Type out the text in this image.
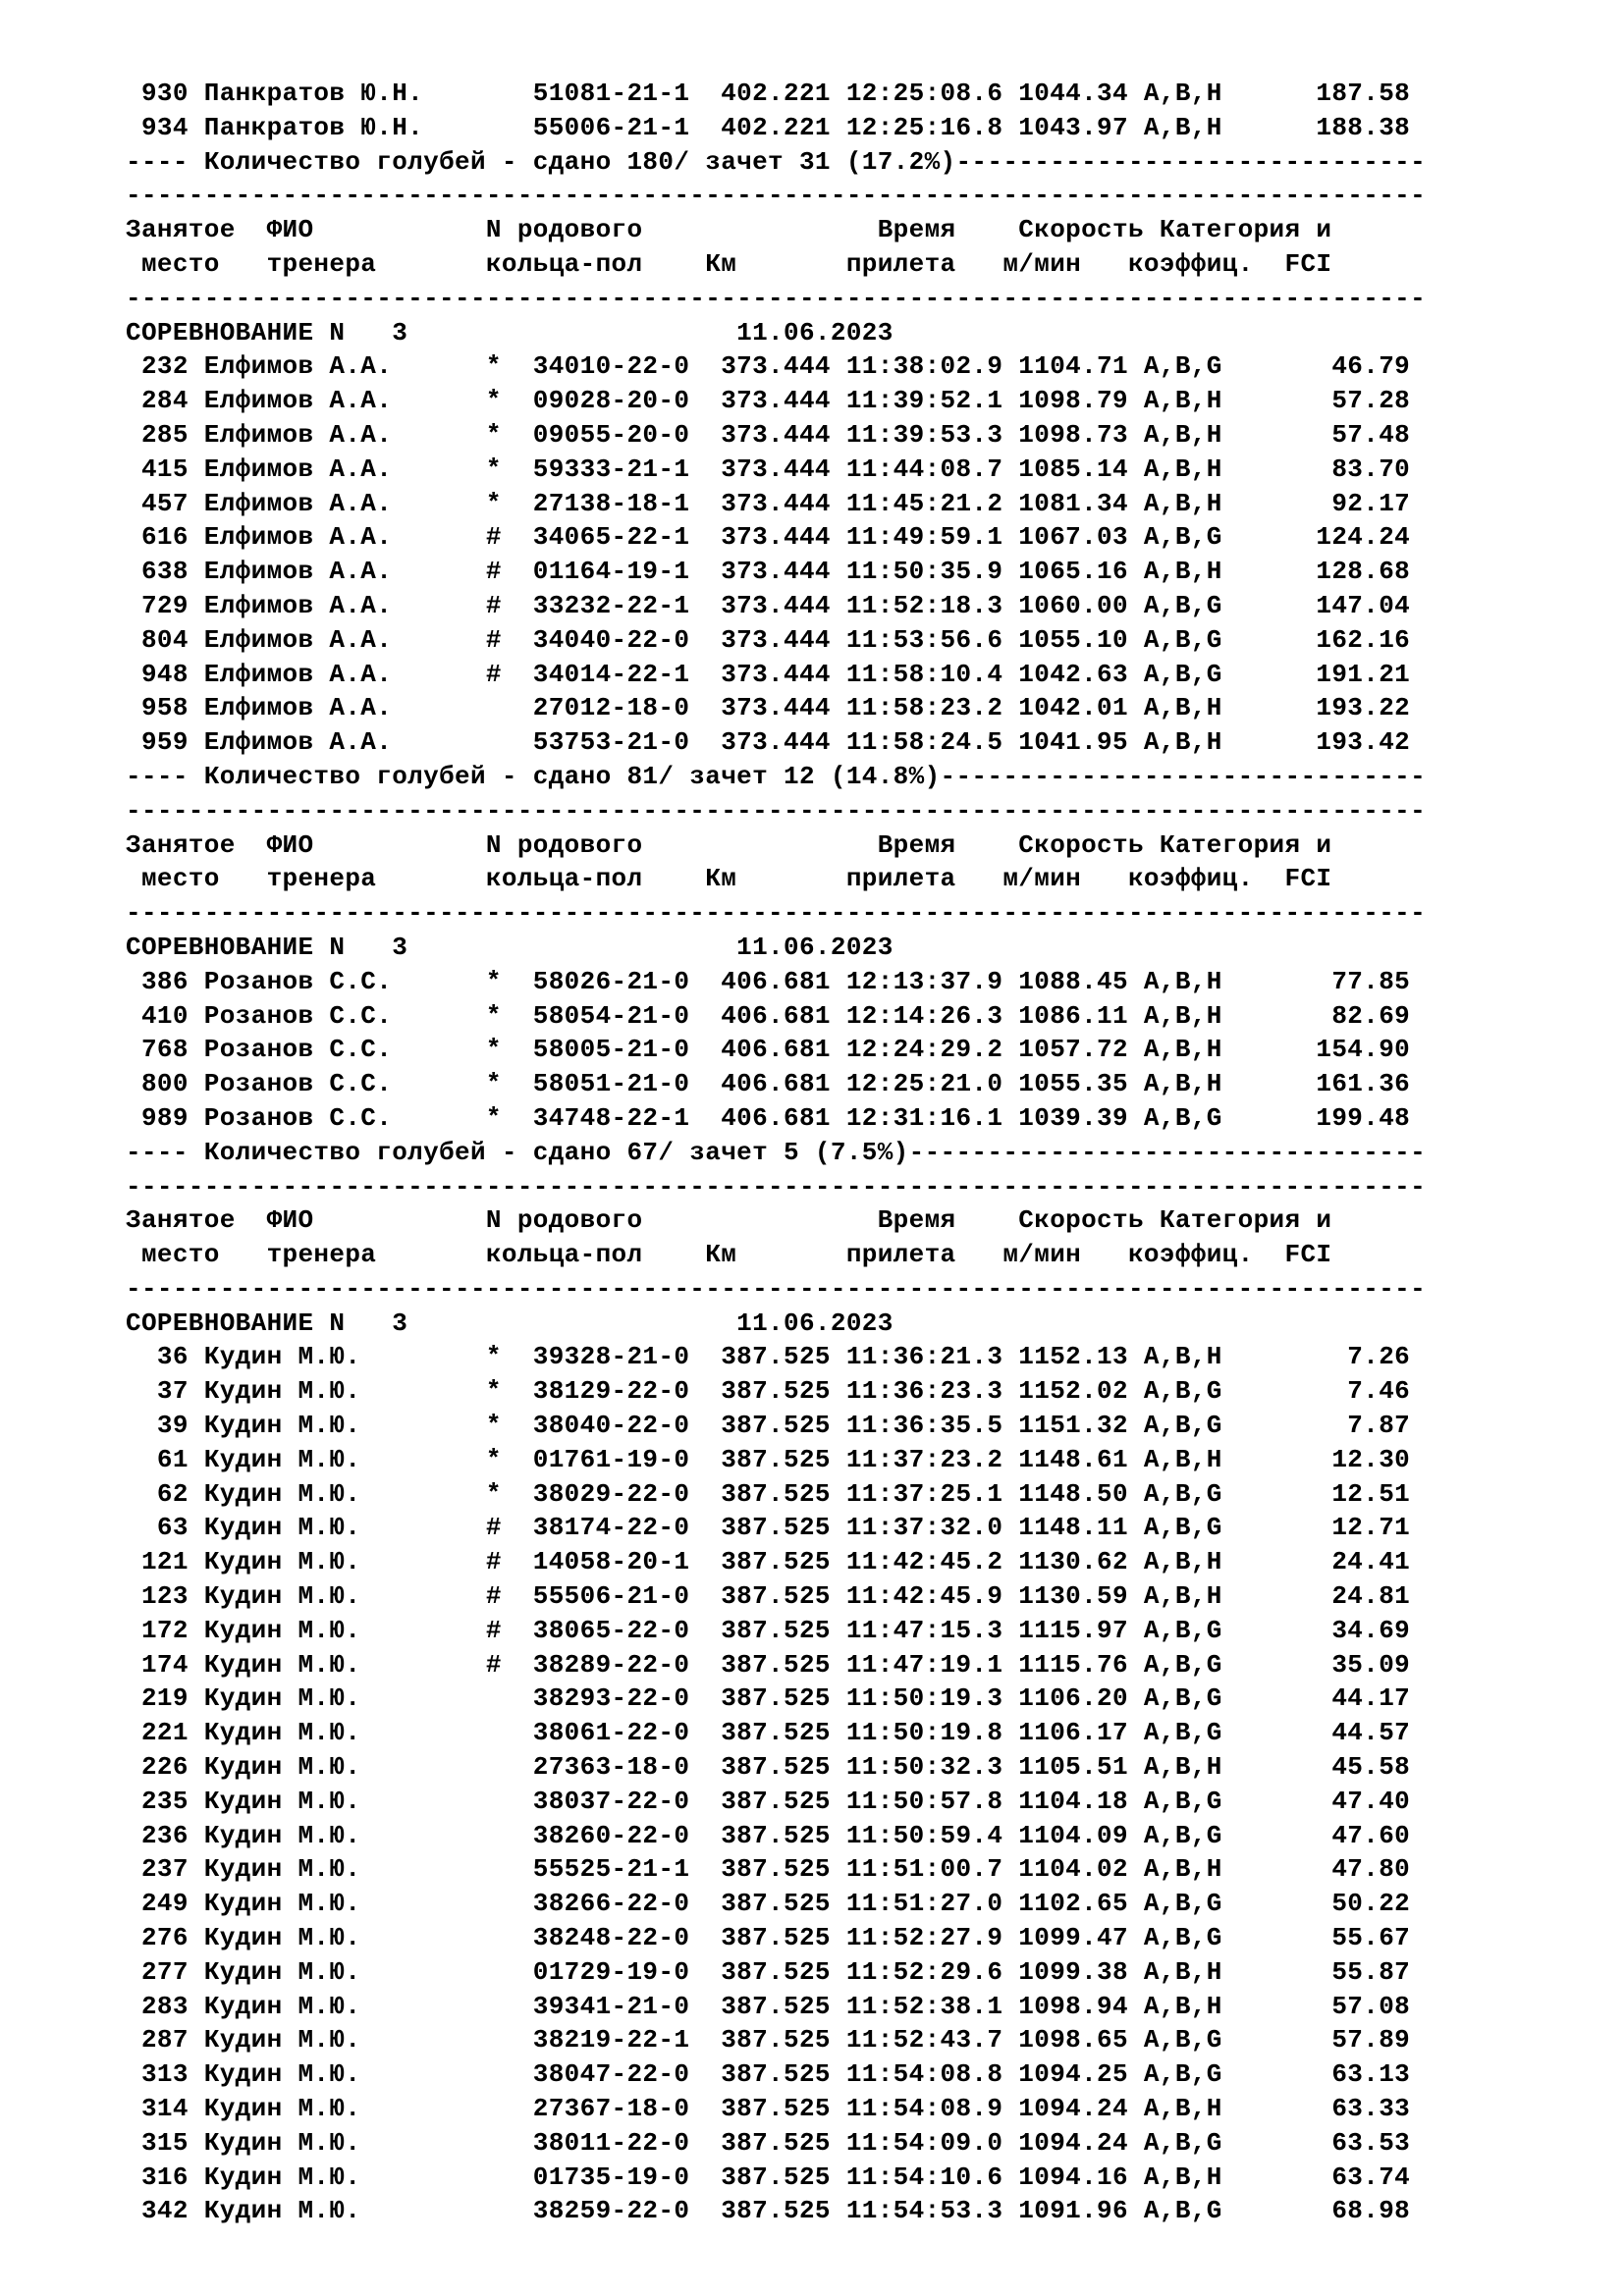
930 Панкратов Ю.Н.       51081-21-1  402.221 12:25:08.6 1044.34 A,B,H      187.58
934 Панкратов Ю.Н.       55006-21-1  402.221 12:25:16.8 1043.97 A,B,H      188.38
---- Количество голубей - сдано 180/ зачет 31 (17.2%)------------------------------
-----------------------------------------------------------------------------------
Занятое  ФИО           N родового               Время    Скорость Категория и
место   тренера       кольца-пол    Км       прилета   м/мин   коэффиц.  FCI
-----------------------------------------------------------------------------------
СОРЕВНОВАНИЕ N   3                     11.06.2023
232 Елфимов А.А.      *  34010-22-0  373.444 11:38:02.9 1104.71 A,B,G       46.79
284 Елфимов А.А.      *  09028-20-0  373.444 11:39:52.1 1098.79 A,B,H       57.28
285 Елфимов А.А.      *  09055-20-0  373.444 11:39:53.3 1098.73 A,B,H       57.48
415 Елфимов А.А.      *  59333-21-1  373.444 11:44:08.7 1085.14 A,B,H       83.70
457 Елфимов А.А.      *  27138-18-1  373.444 11:45:21.2 1081.34 A,B,H       92.17
616 Елфимов А.А.      #  34065-22-1  373.444 11:49:59.1 1067.03 A,B,G      124.24
638 Елфимов А.А.      #  01164-19-1  373.444 11:50:35.9 1065.16 A,B,H      128.68
729 Елфимов А.А.      #  33232-22-1  373.444 11:52:18.3 1060.00 A,B,G      147.04
804 Елфимов А.А.      #  34040-22-0  373.444 11:53:56.6 1055.10 A,B,G      162.16
948 Елфимов А.А.      #  34014-22-1  373.444 11:58:10.4 1042.63 A,B,G      191.21
958 Елфимов А.А.         27012-18-0  373.444 11:58:23.2 1042.01 A,B,H      193.22
959 Елфимов А.А.         53753-21-0  373.444 11:58:24.5 1041.95 A,B,H      193.42
---- Количество голубей - сдано 81/ зачет 12 (14.8%)-------------------------------
-----------------------------------------------------------------------------------
Занятое  ФИО           N родового               Время    Скорость Категория и
место   тренера       кольца-пол    Км       прилета   м/мин   коэффиц.  FCI
-----------------------------------------------------------------------------------
СОРЕВНОВАНИЕ N   3                     11.06.2023
386 Розанов С.С.      *  58026-21-0  406.681 12:13:37.9 1088.45 A,B,H       77.85
410 Розанов С.С.      *  58054-21-0  406.681 12:14:26.3 1086.11 A,B,H       82.69
768 Розанов С.С.      *  58005-21-0  406.681 12:24:29.2 1057.72 A,B,H      154.90
800 Розанов С.С.      *  58051-21-0  406.681 12:25:21.0 1055.35 A,B,H      161.36
989 Розанов С.С.      *  34748-22-1  406.681 12:31:16.1 1039.39 A,B,G      199.48
---- Количество голубей - сдано 67/ зачет 5 (7.5%)---------------------------------
-----------------------------------------------------------------------------------
Занятое  ФИО           N родового               Время    Скорость Категория и
место   тренера       кольца-пол    Км       прилета   м/мин   коэффиц.  FCI
-----------------------------------------------------------------------------------
СОРЕВНОВАНИЕ N   3                     11.06.2023
36 Кудин М.Ю.        *  39328-21-0  387.525 11:36:21.3 1152.13 A,B,H        7.26
37 Кудин М.Ю.        *  38129-22-0  387.525 11:36:23.3 1152.02 A,B,G        7.46
39 Кудин М.Ю.        *  38040-22-0  387.525 11:36:35.5 1151.32 A,B,G        7.87
61 Кудин М.Ю.        *  01761-19-0  387.525 11:37:23.2 1148.61 A,B,H       12.30
62 Кудин М.Ю.        *  38029-22-0  387.525 11:37:25.1 1148.50 A,B,G       12.51
63 Кудин М.Ю.        #  38174-22-0  387.525 11:37:32.0 1148.11 A,B,G       12.71
121 Кудин М.Ю.        #  14058-20-1  387.525 11:42:45.2 1130.62 A,B,H       24.41
123 Кудин М.Ю.        #  55506-21-0  387.525 11:42:45.9 1130.59 A,B,H       24.81
172 Кудин М.Ю.        #  38065-22-0  387.525 11:47:15.3 1115.97 A,B,G       34.69
174 Кудин М.Ю.        #  38289-22-0  387.525 11:47:19.1 1115.76 A,B,G       35.09
219 Кудин М.Ю.           38293-22-0  387.525 11:50:19.3 1106.20 A,B,G       44.17
221 Кудин М.Ю.           38061-22-0  387.525 11:50:19.8 1106.17 A,B,G       44.57
226 Кудин М.Ю.           27363-18-0  387.525 11:50:32.3 1105.51 A,B,H       45.58
235 Кудин М.Ю.           38037-22-0  387.525 11:50:57.8 1104.18 A,B,G       47.40
236 Кудин М.Ю.           38260-22-0  387.525 11:50:59.4 1104.09 A,B,G       47.60
237 Кудин М.Ю.           55525-21-1  387.525 11:51:00.7 1104.02 A,B,H       47.80
249 Кудин М.Ю.           38266-22-0  387.525 11:51:27.0 1102.65 A,B,G       50.22
276 Кудин М.Ю.           38248-22-0  387.525 11:52:27.9 1099.47 A,B,G       55.67
277 Кудин М.Ю.           01729-19-0  387.525 11:52:29.6 1099.38 A,B,H       55.87
283 Кудин М.Ю.           39341-21-0  387.525 11:52:38.1 1098.94 A,B,H       57.08
287 Кудин М.Ю.           38219-22-1  387.525 11:52:43.7 1098.65 A,B,G       57.89
313 Кудин М.Ю.           38047-22-0  387.525 11:54:08.8 1094.25 A,B,G       63.13
314 Кудин М.Ю.           27367-18-0  387.525 11:54:08.9 1094.24 A,B,H       63.33
315 Кудин М.Ю.           38011-22-0  387.525 11:54:09.0 1094.24 A,B,G       63.53
316 Кудин М.Ю.           01735-19-0  387.525 11:54:10.6 1094.16 A,B,H       63.74
342 Кудин М.Ю.           38259-22-0  387.525 11:54:53.3 1091.96 A,B,G       68.98
